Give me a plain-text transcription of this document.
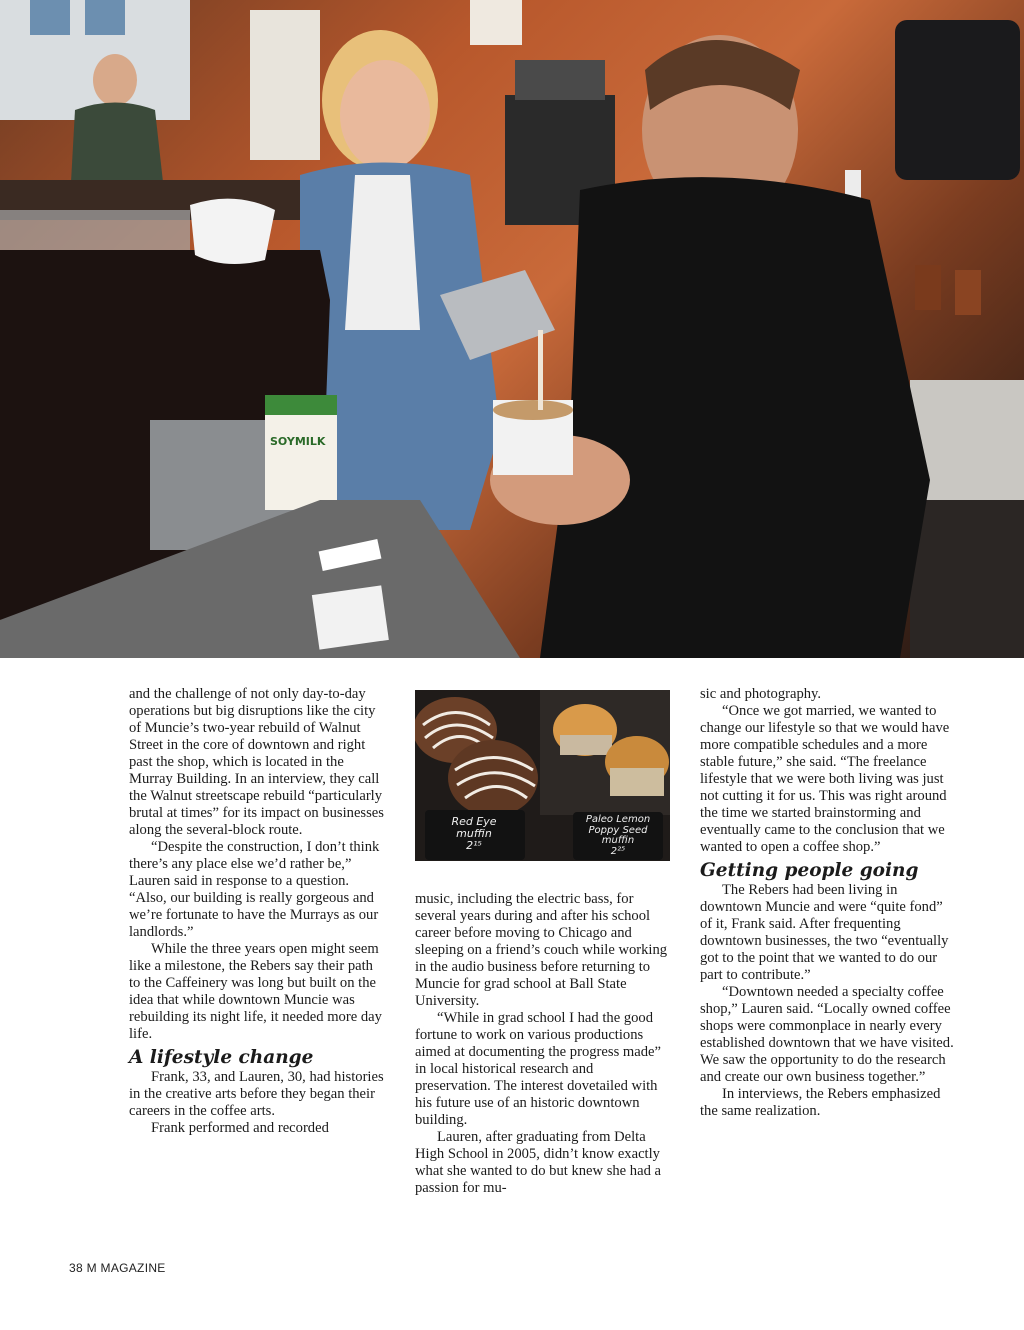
SOYMILK

and the challenge of not only day-to-day operations but big disruptions like the city of Muncie’s two-year rebuild of Walnut Street in the core of downtown and right past the shop, which is located in the Murray Building. In an interview, they call the Walnut streetscape rebuild “particularly brutal at times” for its impact on businesses along the several-block route.

“Despite the construction, I don’t think there’s any place else we’d rather be,” Lauren said in response to a question. “Also, our building is really gorgeous and we’re fortunate to have the Murrays as our landlords.”

While the three years open might seem like a milestone, the Rebers say their path to the Caffeinery was long but built on the idea that while downtown Muncie was rebuilding its night life, it needed more day life.

A lifestyle change

Frank, 33, and Lauren, 30, had histories in the creative arts before they began their careers in the coffee arts.

Frank performed and recorded

Red Eye
muffin
2¹⁵
Paleo Lemon
Poppy Seed
muffin
2²⁵

music, including the electric bass, for several years during and after his school career before moving to Chicago and sleeping on a friend’s couch while working in the audio business before returning to Muncie for grad school at Ball State University.

“While in grad school I had the good fortune to work on various productions aimed at documenting the progress made” in local historical research and preservation. The interest dovetailed with his future use of an historic downtown building.

Lauren, after graduating from Delta High School in 2005, didn’t know exactly what she wanted to do but knew she had a passion for mu-

sic and photography.

“Once we got married, we wanted to change our lifestyle so that we would have more compatible schedules and a more stable future,” she said. “The freelance lifestyle that we were both living was just not cutting it for us. This was right around the time we started brainstorming and eventually came to the conclusion that we wanted to open a coffee shop.”

Getting people going

The Rebers had been living in downtown Muncie and were “quite fond” of it, Frank said. After frequenting downtown businesses, the two “eventually got to the point that we wanted to do our part to contribute.”

“Downtown needed a specialty coffee shop,” Lauren said. “Locally owned coffee shops were commonplace in nearly every established downtown that we have visited. We saw the opportunity to do the research and create our own business together.”

In interviews, the Rebers emphasized the same realization.

38 M MAGAZINE
